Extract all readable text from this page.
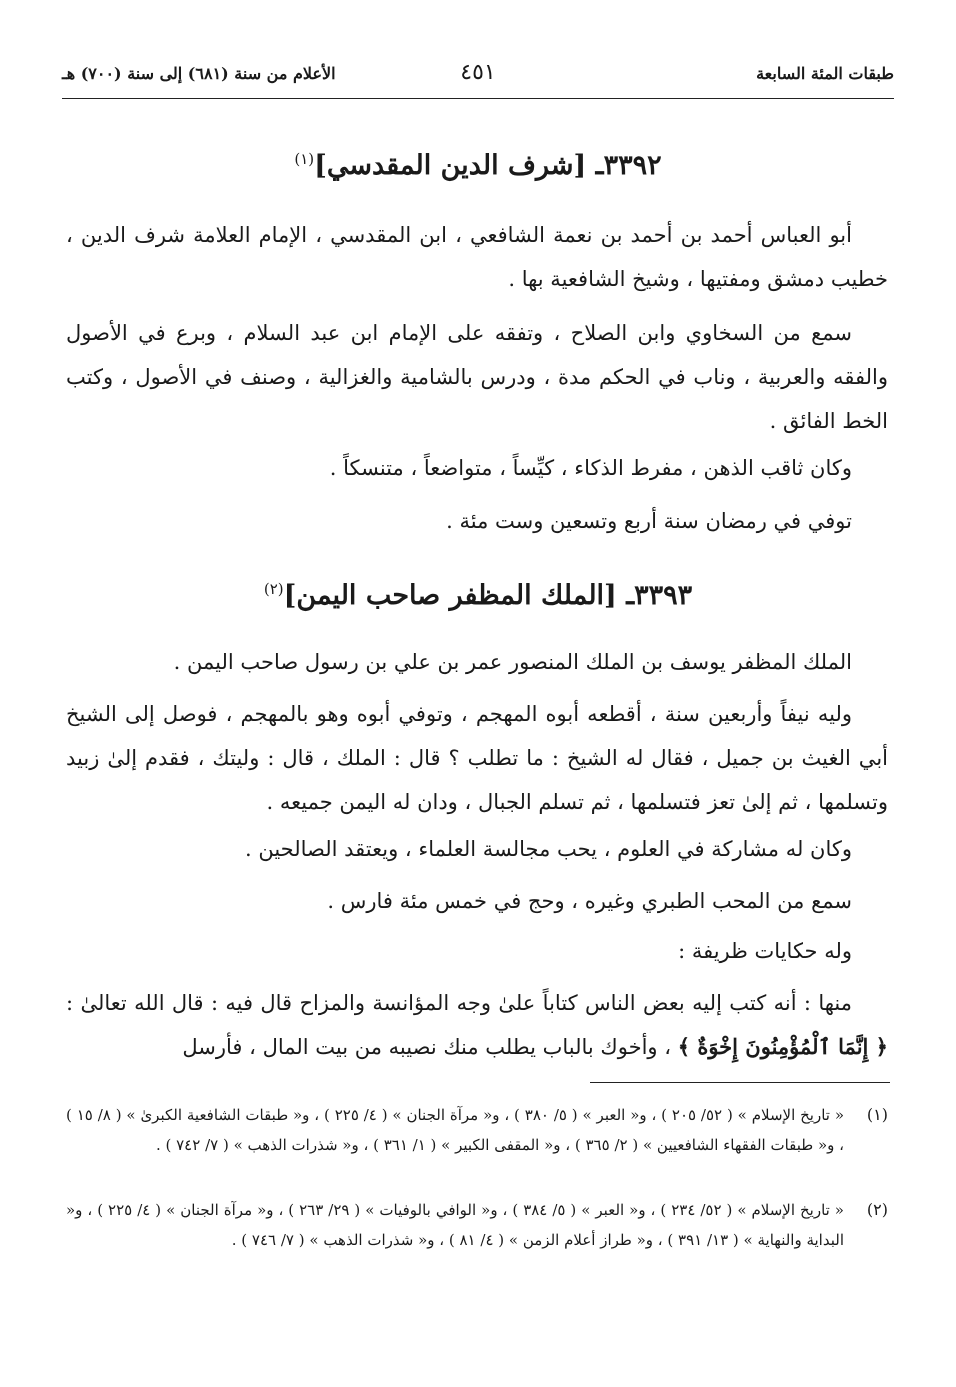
طبقات المئة السابعة
٤٥١
الأعلام من سنة (٦٨١) إلى سنة (٧٠٠) هـ
٣٣٩٢ـ [شرف الدين المقدسي]$^{(١)}$

أبو العباس أحمد بن أحمد بن نعمة الشافعي ، ابن المقدسي ، الإمام العلامة شرف الدين ، خطيب دمشق ومفتيها ، وشيخ الشافعية بها .

سمع من السخاوي وابن الصلاح ، وتفقه على الإمام ابن عبد السلام ، وبرع في الأصول والفقه والعربية ، وناب في الحكم مدة ، ودرس بالشامية والغزالية ، وصنف في الأصول ، وكتب الخط الفائق .

وكان ثاقب الذهن ، مفرط الذكاء ، كيِّساً ، متواضعاً ، متنسكاً .

توفي في رمضان سنة أربع وتسعين وست مئة .

٣٣٩٣ـ [الملك المظفر صاحب اليمن]$^{(٢)}$

الملك المظفر يوسف بن الملك المنصور عمر بن علي بن رسول صاحب اليمن .

وليه نيفاً وأربعين سنة ، أقطعه أبوه المهجم ، وتوفي أبوه وهو بالمهجم ، فوصل إلى الشيخ أبي الغيث بن جميل ، فقال له الشيخ : ما تطلب ؟ قال : الملك ، قال : وليتك ، فقدم إلىٰ زبيد وتسلمها ، ثم إلىٰ تعز فتسلمها ، ثم تسلم الجبال ، ودان له اليمن جميعه .

وكان له مشاركة في العلوم ، يحب مجالسة العلماء ، ويعتقد الصالحين .

سمع من المحب الطبري وغيره ، وحج في خمس مئة فارس .

وله حكايات ظريفة :

منها : أنه كتب إليه بعض الناس كتاباً علىٰ وجه المؤانسة والمزاح قال فيه : قال الله تعالىٰ : ﴿ إِنَّمَا ٱلْمُؤْمِنُونَ إِخْوَةٌ ﴾ ، وأخوك بالباب يطلب منك نصيبه من بيت المال ، فأرسل

(١)
« تاريخ الإسلام » ( ٥٢/ ٢٠٥ ) ، و« العبر » ( ٥/ ٣٨٠ ) ، و« مرآة الجنان » ( ٤/ ٢٢٥ ) ، و« طبقات الشافعية الكبرىٰ » ( ٨/ ١٥ ) ، و« طبقات الفقهاء الشافعيين » ( ٢/ ٣٦٥ ) ، و« المقفى الكبير » ( ١/ ٣٦١ ) ، و« شذرات الذهب » ( ٧/ ٧٤٢ ) .

(٢)
« تاريخ الإسلام » ( ٥٢/ ٢٣٤ ) ، و« العبر » ( ٥/ ٣٨٤ ) ، و« الوافي بالوفيات » ( ٢٩/ ٢٦٣ ) ، و« مرآة الجنان » ( ٤/ ٢٢٥ ) ، و« البداية والنهاية » ( ١٣/ ٣٩١ ) ، و« طراز أعلام الزمن » ( ٤/ ٨١ ) ، و« شذرات الذهب » ( ٧/ ٧٤٦ ) .
